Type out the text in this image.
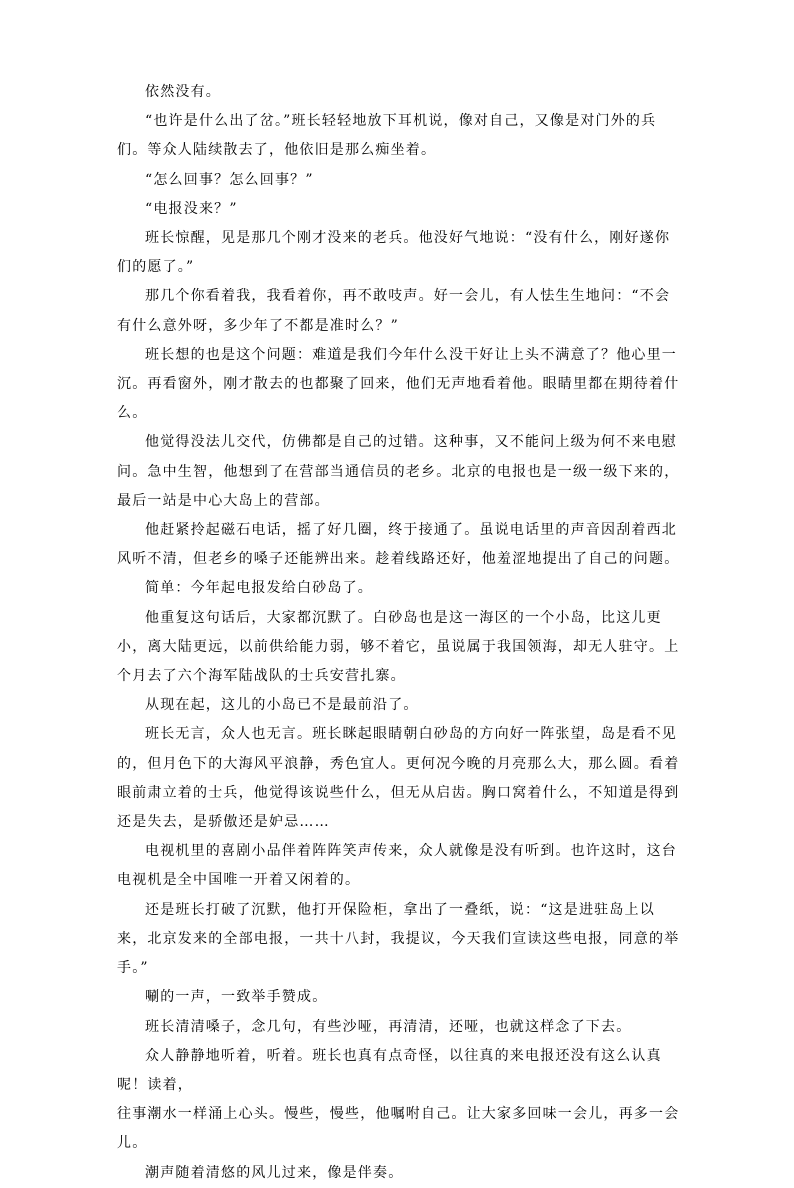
依然没有。

“也许是什么出了岔。”班长轻轻地放下耳机说，像对自己，又像是对门外的兵们。等众人陆续散去了，他依旧是那么痴坐着。

“怎么回事？怎么回事？”

“电报没来？”

班长惊醒，见是那几个刚才没来的老兵。他没好气地说：“没有什么，刚好遂你们的愿了。”

那几个你看着我，我看着你，再不敢吱声。好一会儿，有人怯生生地问：“不会有什么意外呀，多少年了不都是准时么？”

班长想的也是这个问题：难道是我们今年什么没干好让上头不满意了？他心里一沉。再看窗外，刚才散去的也都聚了回来，他们无声地看着他。眼睛里都在期待着什么。

他觉得没法儿交代，仿佛都是自己的过错。这种事，又不能问上级为何不来电慰问。急中生智，他想到了在营部当通信员的老乡。北京的电报也是一级一级下来的，最后一站是中心大岛上的营部。

他赶紧拎起磁石电话，摇了好几圈，终于接通了。虽说电话里的声音因刮着西北风听不清，但老乡的嗓子还能辨出来。趁着线路还好，他羞涩地提出了自己的问题。

简单：今年起电报发给白砂岛了。

他重复这句话后，大家都沉默了。白砂岛也是这一海区的一个小岛，比这儿更小，离大陆更远，以前供给能力弱，够不着它，虽说属于我国领海，却无人驻守。上个月去了六个海军陆战队的士兵安营扎寨。

从现在起，这儿的小岛已不是最前沿了。

班长无言，众人也无言。班长眯起眼睛朝白砂岛的方向好一阵张望，岛是看不见的，但月色下的大海风平浪静，秀色宜人。更何况今晚的月亮那么大，那么圆。看着眼前肃立着的士兵，他觉得该说些什么，但无从启齿。胸口窝着什么，不知道是得到还是失去，是骄傲还是妒忌……

电视机里的喜剧小品伴着阵阵笑声传来，众人就像是没有听到。也许这时，这台电视机是全中国唯一开着又闲着的。

还是班长打破了沉默，他打开保险柜，拿出了一叠纸，说：“这是进驻岛上以来，北京发来的全部电报，一共十八封，我提议，今天我们宣读这些电报，同意的举手。”

唰的一声，一致举手赞成。

班长清清嗓子，念几句，有些沙哑，再清清，还哑，也就这样念了下去。

众人静静地听着，听着。班长也真有点奇怪，以往真的来电报还没有这么认真呢！读着，

往事潮水一样涌上心头。慢些，慢些，他嘱咐自己。让大家多回味一会儿，再多一会儿。

潮声随着清悠的风儿过来，像是伴奏。
